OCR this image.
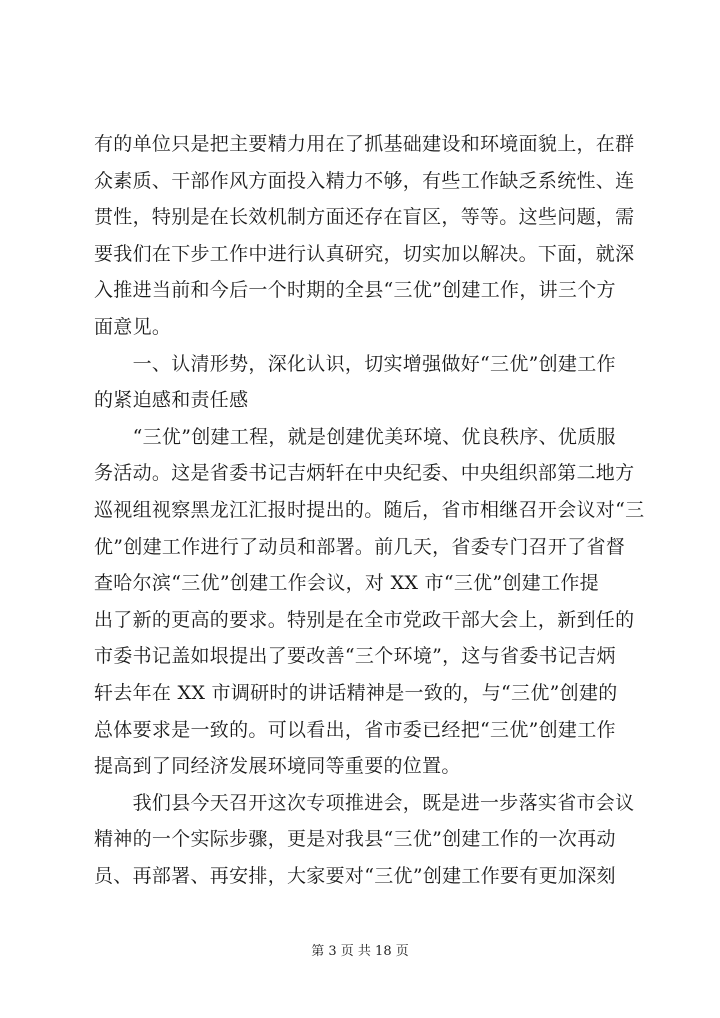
有的单位只是把主要精力用在了抓基础建设和环境面貌上，在群
众素质、干部作风方面投入精力不够，有些工作缺乏系统性、连
贯性，特别是在长效机制方面还存在盲区，等等。这些问题，需
要我们在下步工作中进行认真研究，切实加以解决。下面，就深
入推进当前和今后一个时期的全县“三优”创建工作，讲三个方
面意见。
　　一、认清形势，深化认识，切实增强做好“三优”创建工作
的紧迫感和责任感
　　“三优”创建工程，就是创建优美环境、优良秩序、优质服
务活动。这是省委书记吉炳轩在中央纪委、中央组织部第二地方
巡视组视察黑龙江汇报时提出的。随后，省市相继召开会议对“三
优”创建工作进行了动员和部署。前几天，省委专门召开了省督
查哈尔滨“三优”创建工作会议，对 XX 市“三优”创建工作提
出了新的更高的要求。特别是在全市党政干部大会上，新到任的
市委书记盖如垠提出了要改善“三个环境”，这与省委书记吉炳
轩去年在 XX 市调研时的讲话精神是一致的，与“三优”创建的
总体要求是一致的。可以看出，省市委已经把“三优”创建工作
提高到了同经济发展环境同等重要的位置。
　　我们县今天召开这次专项推进会，既是进一步落实省市会议
精神的一个实际步骤，更是对我县“三优”创建工作的一次再动
员、再部署、再安排，大家要对“三优”创建工作要有更加深刻
第 3 页 共 18 页
